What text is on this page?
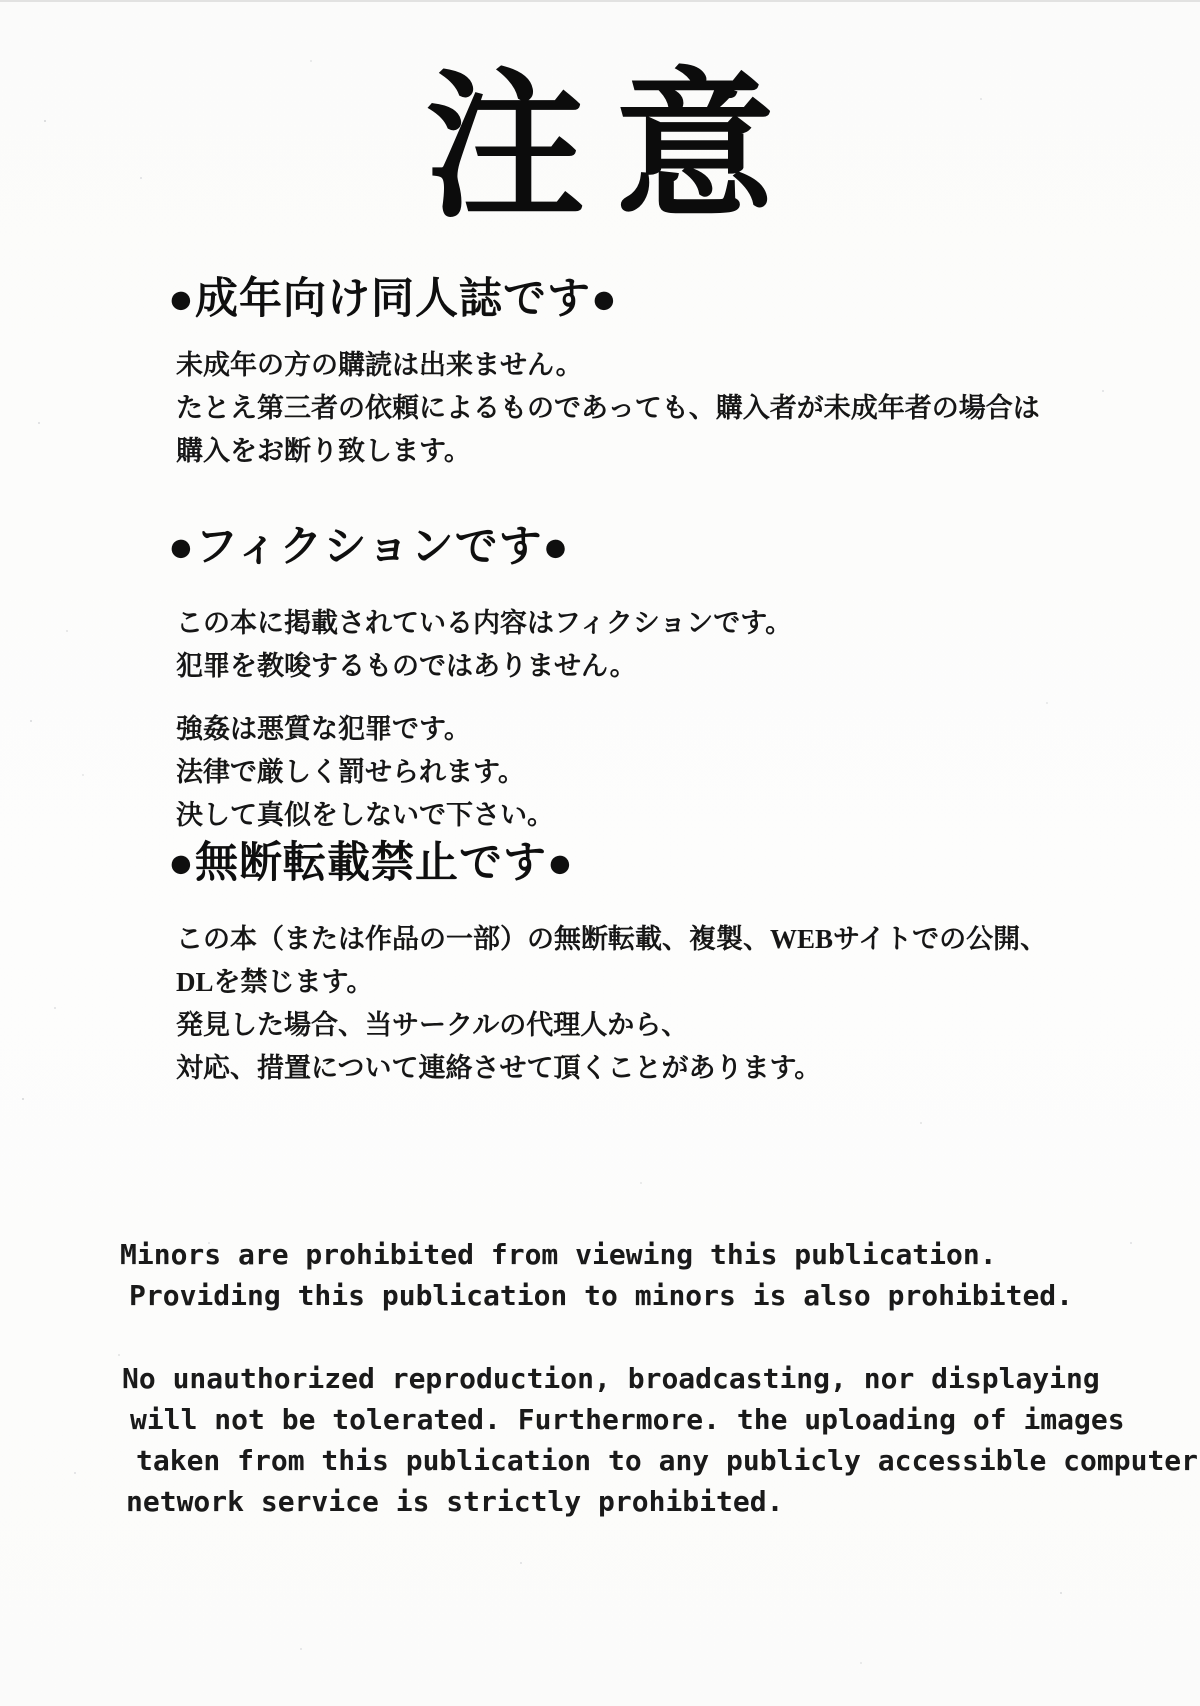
注意
●成年向け同人誌です●
未成年の方の購読は出来ません。
たとえ第三者の依頼によるものであっても、購入者が未成年者の場合は
購入をお断り致します。
●フィクションです●
この本に掲載されている内容はフィクションです。
犯罪を教唆するものではありません。
強姦は悪質な犯罪です。
法律で厳しく罰せられます。
決して真似をしないで下さい。
●無断転載禁止です●
この本（または作品の一部）の無断転載、複製、WEBサイトでの公開、
DLを禁じます。
発見した場合、当サークルの代理人から、
対応、措置について連絡させて頂くことがあります。
Minors are prohibited from viewing this publication.
Providing this publication to minors is also prohibited.
No unauthorized reproduction, broadcasting, nor displaying
will not be tolerated. Furthermore. the uploading of images
taken from this publication to any publicly accessible computer
network service is strictly prohibited.
